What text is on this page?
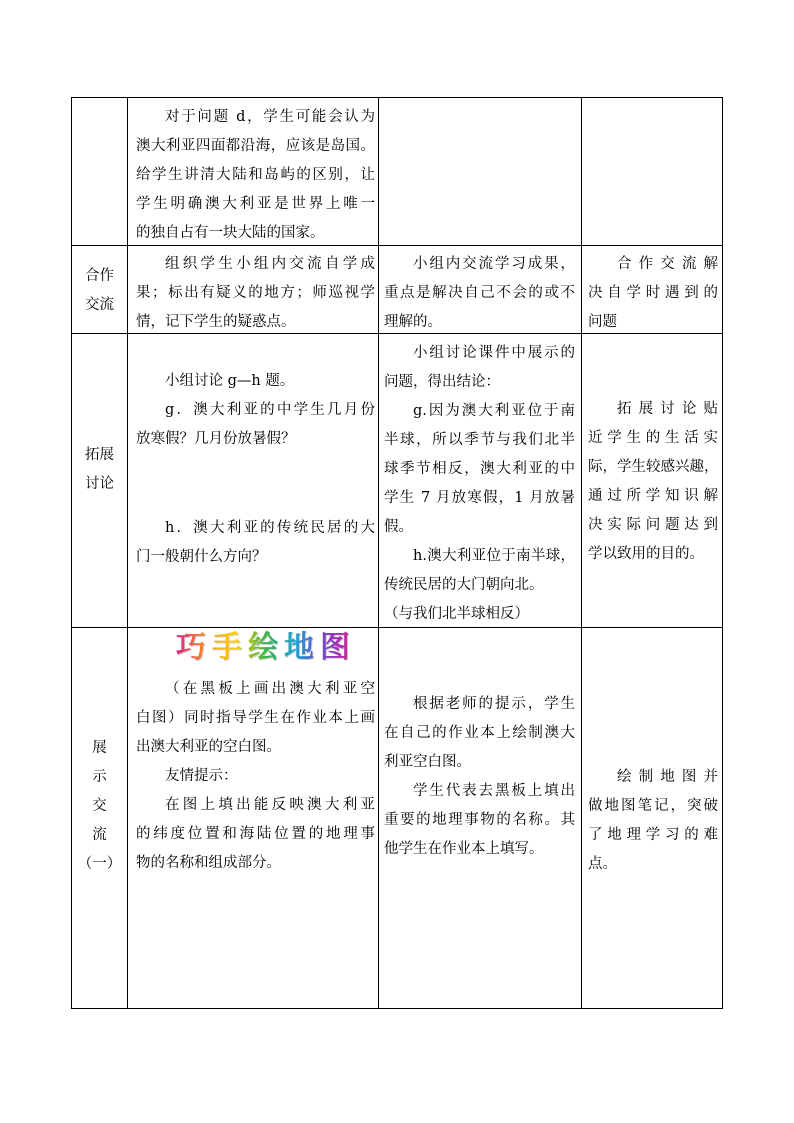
对于问题 d，学生可能会认为
澳大利亚四面都沿海，应该是岛国。
给学生讲清大陆和岛屿的区别，让
学生明确澳大利亚是世界上唯一
的独自占有一块大陆的国家。
合作
交流
组织学生小组内交流自学成
果；标出有疑义的地方；师巡视学
情，记下学生的疑惑点。
小组内交流学习成果，
重点是解决自己不会的或不
理解的。
合作交流解
决自学时遇到的
问题
拓展
讨论
小组讨论 g—h 题。
g．澳大利亚的中学生几月份
放寒假？几月份放暑假？
h．澳大利亚的传统民居的大
门一般朝什么方向？
小组讨论课件中展示的
问题，得出结论：
g.因为澳大利亚位于南
半球，所以季节与我们北半
球季节相反，澳大利亚的中
学生 7 月放寒假，1 月放暑
假。
h.澳大利亚位于南半球，
传统民居的大门朝向北。
（与我们北半球相反）
拓展讨论贴
近学生的生活实
际，学生较感兴趣，
通过所学知识解
决实际问题达到
学以致用的目的。
展
示
交
流
（一）
巧手绘地图
（在黑板上画出澳大利亚空
白图）同时指导学生在作业本上画
出澳大利亚的空白图。
友情提示：
在图上填出能反映澳大利亚
的纬度位置和海陆位置的地理事
物的名称和组成部分。
根据老师的提示，学生
在自己的作业本上绘制澳大
利亚空白图。
学生代表去黑板上填出
重要的地理事物的名称。其
他学生在作业本上填写。
绘制地图并
做地图笔记，突破
了地理学习的难
点。
